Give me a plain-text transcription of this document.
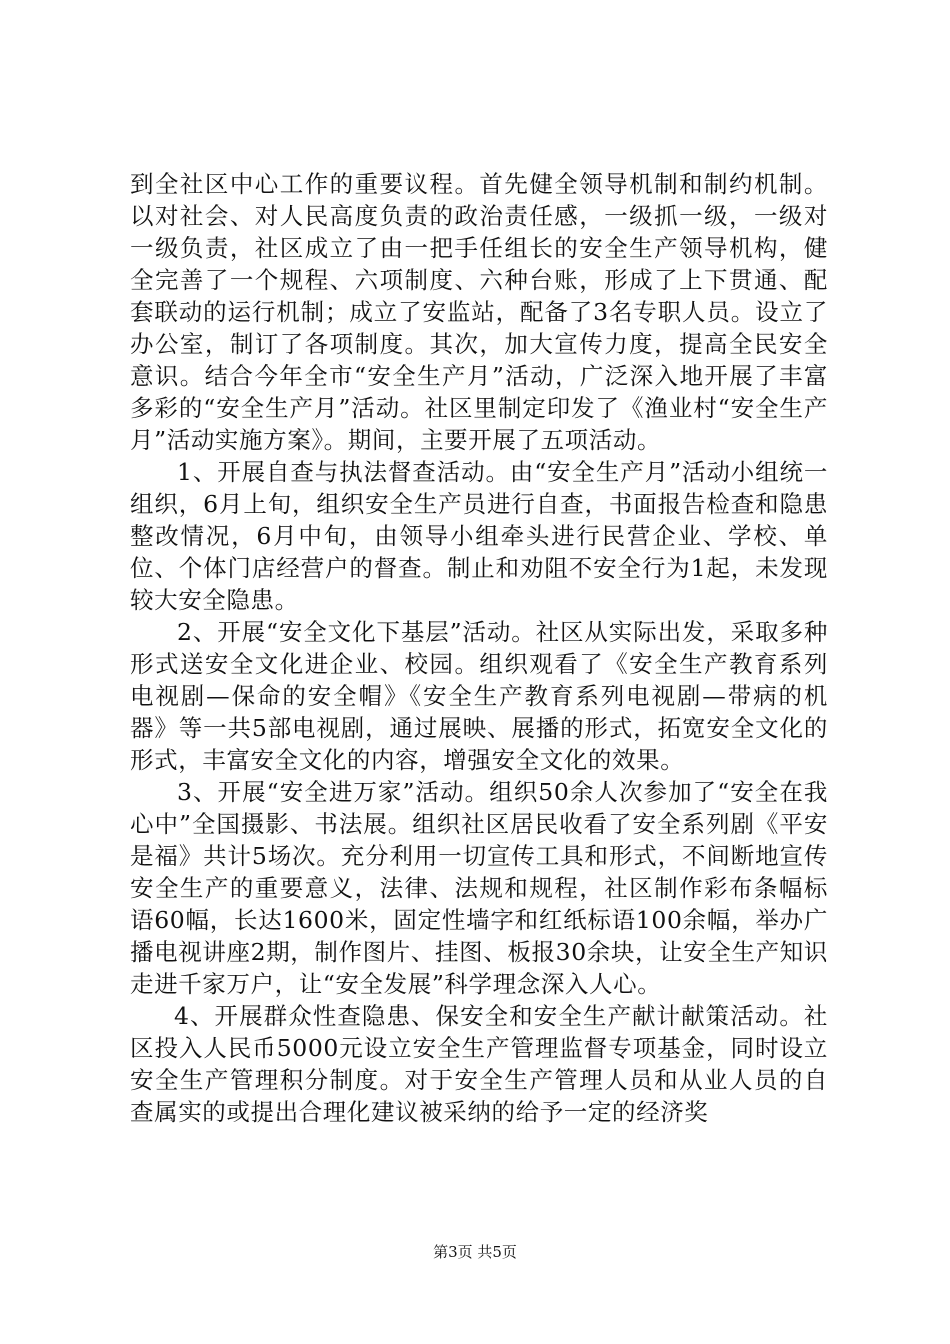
到全社区中心工作的重要议程。首先健全领导机制和制约机制。以对社会、对人民高度负责的政治责任感，一级抓一级，一级对一级负责，社区成立了由一把手任组长的安全生产领导机构，健全完善了一个规程、六项制度、六种台账，形成了上下贯通、配套联动的运行机制；成立了安监站，配备了3名专职人员。设立了办公室，制订了各项制度。其次，加大宣传力度，提高全民安全意识。结合今年全市“安全生产月”活动，广泛深入地开展了丰富多彩的“安全生产月”活动。社区里制定印发了《渔业村“安全生产月”活动实施方案》。期间，主要开展了五项活动。

1、开展自查与执法督查活动。由“安全生产月”活动小组统一组织，6月上旬，组织安全生产员进行自查，书面报告检查和隐患整改情况，6月中旬，由领导小组牵头进行民营企业、学校、单位、个体门店经营户的督查。制止和劝阻不安全行为1起，未发现较大安全隐患。

2、开展“安全文化下基层”活动。社区从实际出发，采取多种形式送安全文化进企业、校园。组织观看了《安全生产教育系列电视剧—保命的安全帽》《安全生产教育系列电视剧—带病的机器》等一共5部电视剧，通过展映、展播的形式，拓宽安全文化的形式，丰富安全文化的内容，增强安全文化的效果。

3、开展“安全进万家”活动。组织50余人次参加了“安全在我心中”全国摄影、书法展。组织社区居民收看了安全系列剧《平安是福》共计5场次。充分利用一切宣传工具和形式，不间断地宣传安全生产的重要意义，法律、法规和规程，社区制作彩布条幅标语60幅，长达1600米，固定性墙字和红纸标语100余幅，举办广播电视讲座2期，制作图片、挂图、板报30余块，让安全生产知识走进千家万户，让“安全发展”科学理念深入人心。

4、开展群众性查隐患、保安全和安全生产献计献策活动。社区投入人民币5000元设立安全生产管理监督专项基金，同时设立安全生产管理积分制度。对于安全生产管理人员和从业人员的自查属实的或提出合理化建议被采纳的给予一定的经济奖

第3页 共5页
